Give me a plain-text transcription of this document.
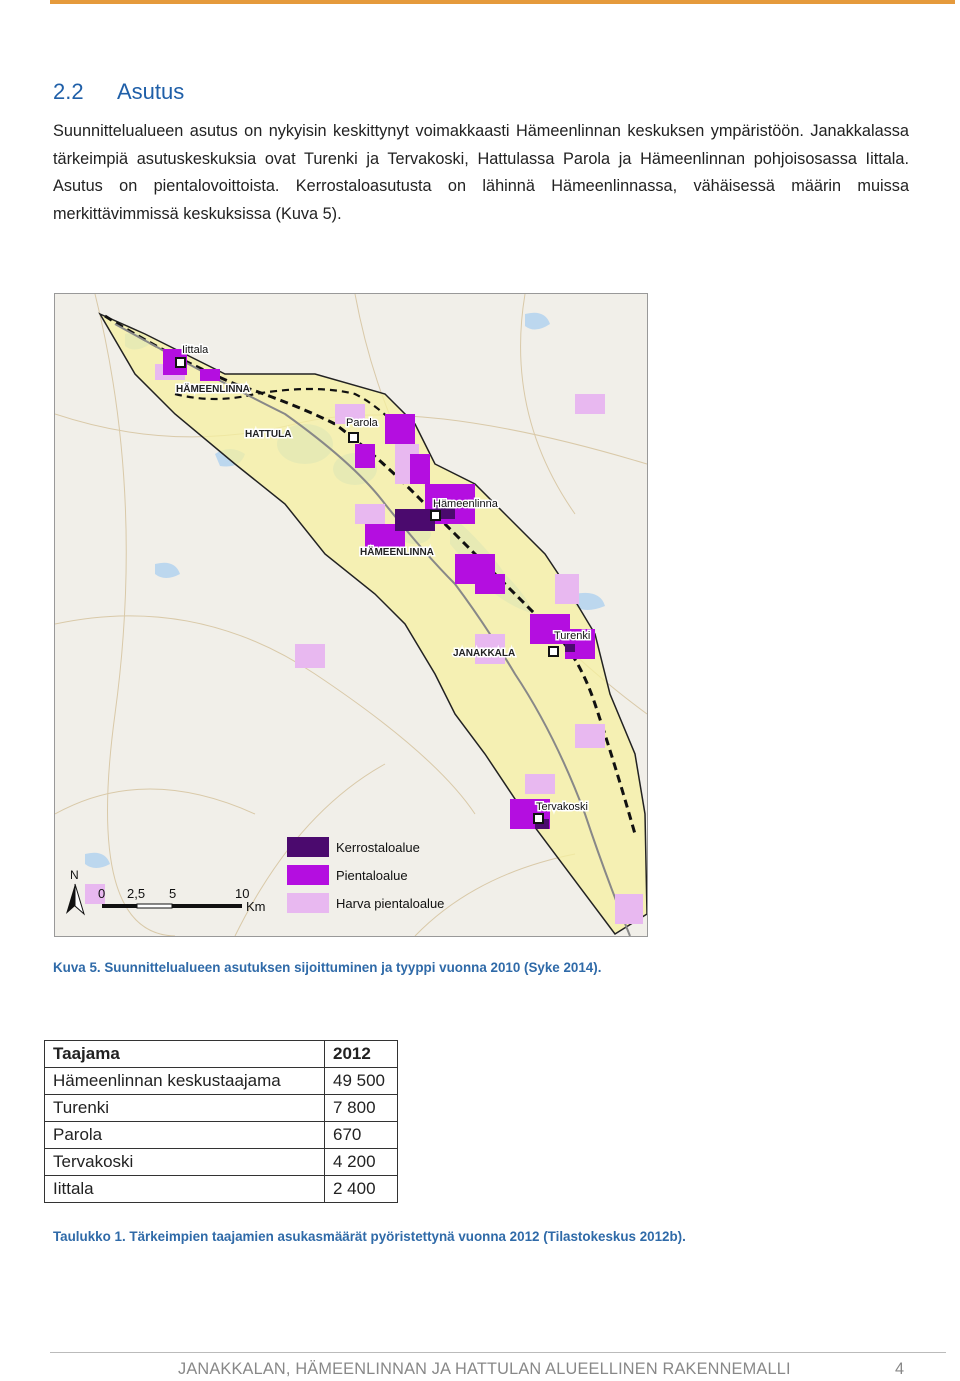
2.2 Asutus
Suunnittelualueen asutus on nykyisin keskittynyt voimakkaasti Hämeenlinnan keskuksen ympäristöön. Janakkalassa tärkeimpiä asutuskeskuksia ovat Turenki ja Tervakoski, Hattulassa Parola ja Hämeenlinnan pohjoisosassa Iittala. Asutus on pientalovoittoista. Kerrostaloasutusta on lähinnä Hämeenlinnassa, vähäisessä määrin muissa merkittävimmissä keskuksissa (Kuva 5).
Iittala
Parola
Hämeenlinna
Turenki
Tervakoski
HÄMEENLINNA
HATTULA
HÄMEENLINNA
JANAKKALA
Kerrostaloalue
Pientaloalue
Harva pientaloalue
N
0 2,5 5	10
Km
Kuva 5. Suunnittelualueen asutuksen sijoittuminen ja tyyppi vuonna 2010 (Syke 2014).
Taajama	2012
Hämeenlinnan keskustaajama	49 500
Turenki	7 800
Parola	670
Tervakoski	4 200
Iittala	2 400
Taulukko 1. Tärkeimpien taajamien asukasmäärät pyöristettynä vuonna 2012 (Tilastokeskus 2012b).
JANAKKALAN, HÄMEENLINNAN JA HATTULAN ALUEELLINEN RAKENNEMALLI	4
